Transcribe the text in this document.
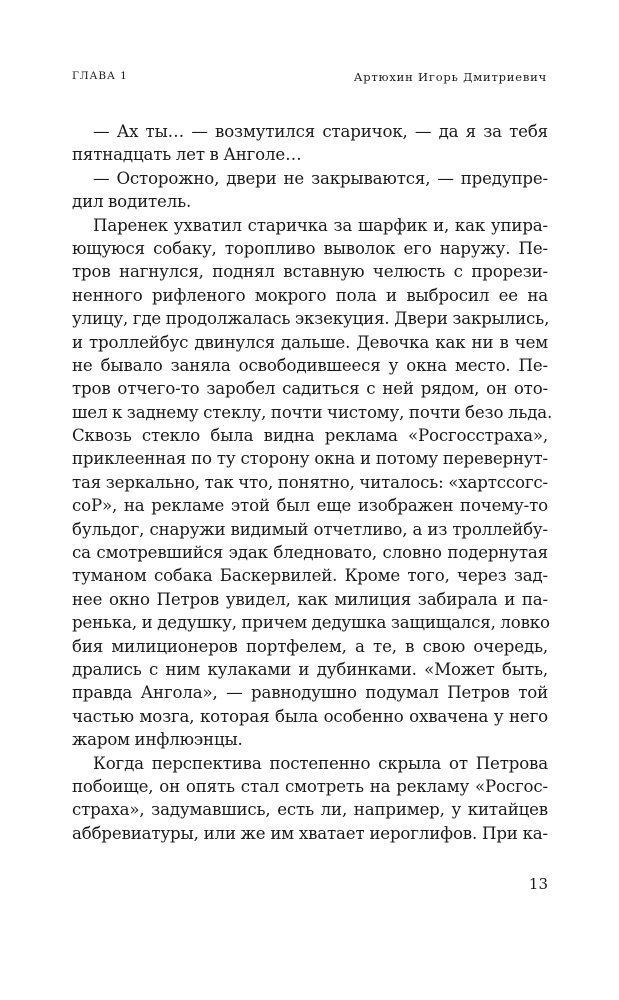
ГЛАВА 1	Артюхин Игорь Дмитриевич
— Ах ты… — возмутился старичок, — да я за тебя
пятнадцать лет в Анголе…
— Осторожно, двери не закрываются, — предупре-
дил водитель.
Паренек ухватил старичка за шарфик и, как упира-
ющуюся собаку, торопливо выволок его наружу. Пе-
тров нагнулся, поднял вставную челюсть с прорези-
ненного рифленого мокрого пола и выбросил ее на
улицу, где продолжалась экзекуция. Двери закрылись,
и троллейбус двинулся дальше. Девочка как ни в чем
не бывало заняла освободившееся у окна место. Пе-
тров отчего-то заробел садиться с ней рядом, он ото-
шел к заднему стеклу, почти чистому, почти безо льда.
Сквозь стекло была видна реклама «Росгосстраха»,
приклеенная по ту сторону окна и потому перевернут-
тая зеркально, так что, понятно, читалось: «хартссогс-
соР», на рекламе этой был еще изображен почему-то
бульдог, снаружи видимый отчетливо, а из троллейбу-
са смотревшийся эдак бледновато, словно подернутая
туманом собака Баскервилей. Кроме того, через зад-
нее окно Петров увидел, как милиция забирала и па-
ренька, и дедушку, причем дедушка защищался, ловко
бия милиционеров портфелем, а те, в свою очередь,
дрались с ним кулаками и дубинками. «Может быть,
правда Ангола», — равнодушно подумал Петров той
частью мозга, которая была особенно охвачена у него
жаром инфлюэнцы.
Когда перспектива постепенно скрыла от Петрова
побоище, он опять стал смотреть на рекламу «Росгос-
страха», задумавшись, есть ли, например, у китайцев
аббревиатуры, или же им хватает иероглифов. При ка-
13
